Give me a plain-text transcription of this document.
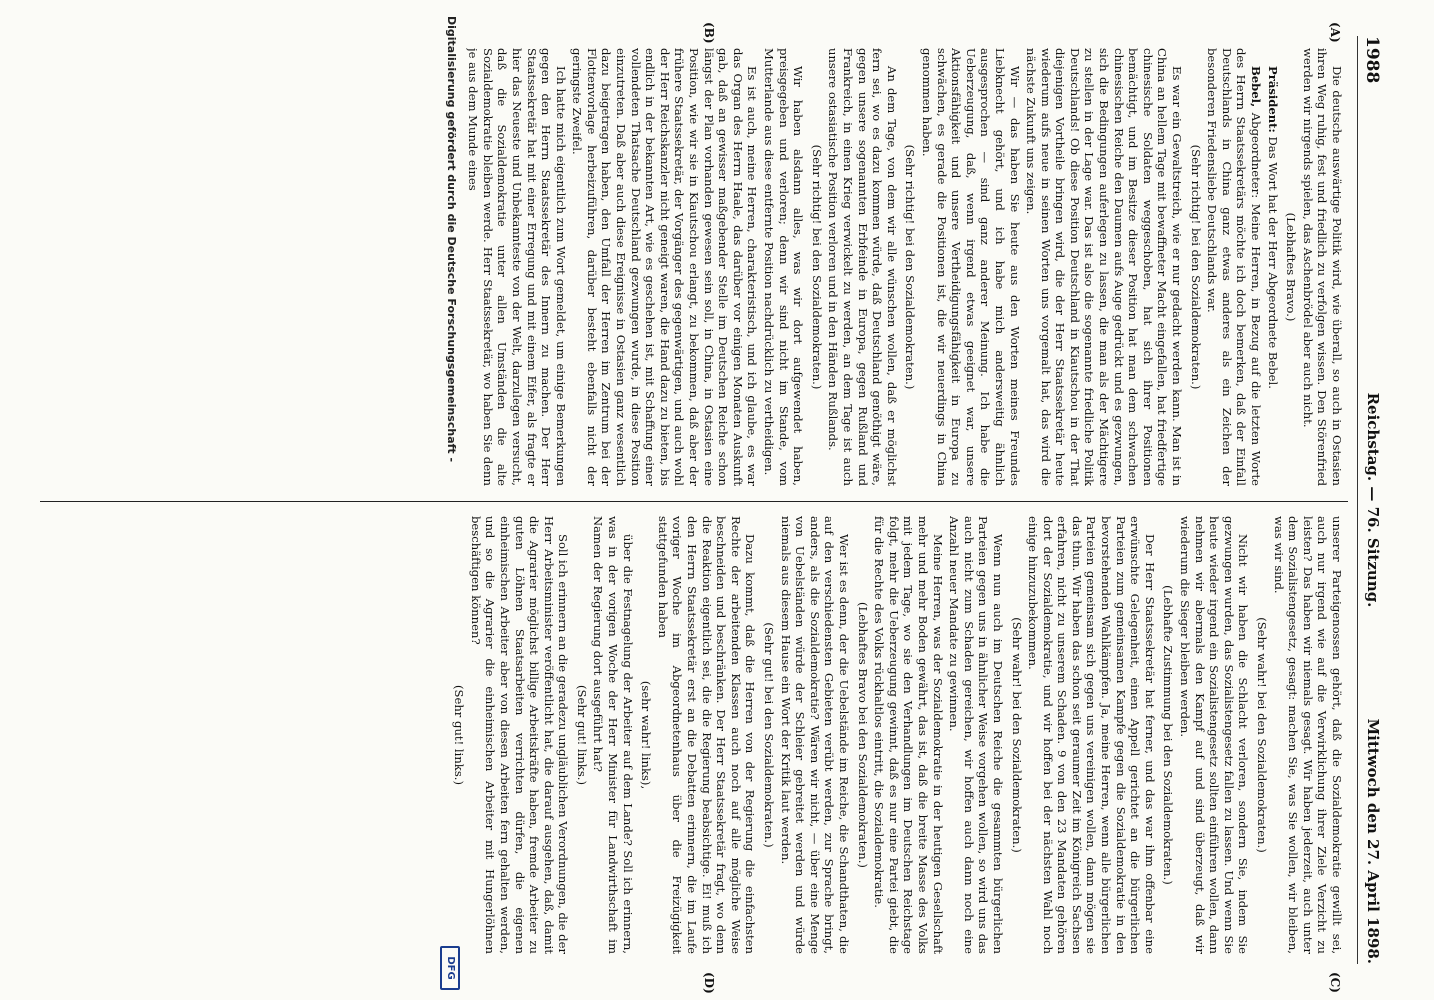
1988
Reichstag. — 76. Sitzung.
Mittwoch den 27. April 1898.
(A)
(B)
(C)
(D)

Die deutsche auswärtige Politik wird, wie überall, so auch in Ostasien ihren Weg ruhig, fest und friedlich zu verfolgen wissen. Den Störenfried werden wir nirgends spielen, das Aschenbrödel aber auch nicht.

(Lebhaftes Bravo.)

Präsident: Das Wort hat der Herr Abgeordnete Bebel.

Bebel, Abgeordneter: Meine Herren, in Bezug auf die letzten Worte des Herrn Staatssekretärs möchte ich doch bemerken, daß der Einfall Deutschlands in China ganz etwas anderes als ein Zeichen der besonderen Friedensliebe Deutschlands war.

(Sehr richtig! bei den Sozialdemokraten.)

Es war ein Gewaltstreich, wie er nur gedacht werden kann. Man ist in China an hellem Tage mit bewaffneter Macht eingefallen, hat friedfertige chinesische Soldaten weggeschoben, hat sich ihrer Positionen bemächtigt, und im Besitze dieser Position hat man dem schwachen chinesischen Reiche den Daumen aufs Auge gedrückt und es gezwungen, sich die Bedingungen auferlegen zu lassen, die man als der Mächtigere zu stellen in der Lage war. Das ist also die sogenannte friedliche Politik Deutschlands! Ob diese Position Deutschland in Kiautschou in der That diejenigen Vortheile bringen wird, die der Herr Staatssekretär heute wiederum aufs neue in seinen Worten uns vorgemalt hat, das wird die nächste Zukunft uns zeigen.

Wir — das haben Sie heute aus den Worten meines Freundes Liebknecht gehört, und ich habe mich andersweitig ähnlich ausgesprochen — sind ganz anderer Meinung. Ich habe die Ueberzeugung, daß, wenn irgend etwas geeignet war, unsere Aktionsfähigkeit und unsere Vertheidigungsfähigkeit in Europa zu schwächen, es gerade die Positionen ist, die wir neuerdings in China genommen haben.

(Sehr richtig! bei den Sozialdemokraten.)

An dem Tage, von dem wir alle wünschen wollen, daß er möglichst fern sei, wo es dazu kommen würde, daß Deutschland genöthigt wäre, gegen unsere sogenannten Erbfeinde in Europa, gegen Rußland und Frankreich, in einen Krieg verwickelt zu werden, an dem Tage ist auch unsere ostasiatische Position verloren und in den Händen Rußlands.

(Sehr richtig! bei den Sozialdemokraten.)

Wir haben alsdann alles, was wir dort aufgewendet haben, preisgegeben und verloren; denn wir sind nicht im Stande, vom Mutterlande aus diese entfernte Position nachdrücklich zu vertheidigen.

Es ist auch, meine Herren, charakteristisch, und ich glaube, es war das Organ des Herrn Haale, das darüber vor einigen Monaten Auskunft gab, daß an gewisser maßgebender Stelle im Deutschen Reiche schon längst der Plan vorhanden gewesen sein soll, in China, in Ostasien eine Position, wie wir sie in Kiautschou erlangt, zu bekommen, daß aber der frühere Staatssekretär, der Vorgänger des gegenwärtigen, und auch wohl der Herr Reichskanzler nicht geneigt waren, die Hand dazu zu bieten, bis endlich in der bekannten Art, wie es geschehen ist, mit Schaffung einer vollendeten Thatsache Deutschland gezwungen wurde, in diese Position einzutreten. Daß aber auch diese Ereignisse in Ostasien ganz wesentlich dazu beigetragen haben, den Umfall der Herren im Zentrum bei der Flottenvorlage herbeizuführen, darüber besteht ebenfalls nicht der geringste Zweifel.

Ich hatte mich eigentlich zum Wort gemeldet, um einige Bemerkungen gegen den Herrn Staatssekretär des Innern zu machen. Der Herr Staatssekretär hat mit einer Erregung und mit einem Eifer, als fragte er hier das Neueste und Unbekannteste von der Welt, darzulegen versucht, daß die Sozialdemokratie unter allen Umständen die alte Sozialdemokratie bleiben werde. Herr Staatssekretär, wo haben Sie denn je aus dem Munde eines

unserer Parteigenossen gehört, daß die Sozialdemokratie gewillt sei, auch nur irgend wie auf die Verwirklichung ihrer Ziele Verzicht zu leisten? Das haben wir niemals gesagt. Wir haben jederzeit, auch unter dem Sozialistengesetz, gesagt: machen Sie, was Sie wollen, wir bleiben, was wir sind.

(Sehr wahr! bei den Sozialdemokraten.)

Nicht wir haben die Schlacht verloren, sondern Sie, indem Sie gezwungen wurden, das Sozialistengesetz fallen zu lassen. Und wenn Sie heute wieder irgend ein Sozialistengesetz sollten einführen wollen, dann nehmen wir abermals den Kampf auf und sind überzeugt, daß wir wiederum die Sieger bleiben werden.

(Lebhafte Zustimmung bei den Sozialdemokraten.)

Der Herr Staatssekretär hat ferner, und das war ihm offenbar eine erwünschte Gelegenheit, einen Appell gerichtet an die bürgerlichen Parteien zum gemeinsamen Kampfe gegen die Sozialdemokratie in den bevorstehenden Wahlkämpfen. Ja, meine Herren, wenn alle bürgerlichen Parteien gemeinsam sich gegen uns vereinigen wollen, dann mögen sie das thun. Wir haben das schon seit geraumer Zeit im Königreich Sachsen erfahren, nicht zu unserem Schaden. 9 von den 23 Mandaten gehören dort der Sozialdemokratie, und wir hoffen bei der nächsten Wahl noch einige hinzuzubekommen.

(Sehr wahr! bei den Sozialdemokraten.)

Wenn nun auch im Deutschen Reiche die gesammten bürgerlichen Parteien gegen uns in ähnlicher Weise vorgehen wollen, so wird uns das auch nicht zum Schaden gereichen, wir hoffen auch dann noch eine Anzahl neuer Mandate zu gewinnen.

Meine Herren, was der Sozialdemokratie in der heutigen Gesellschaft mehr und mehr Boden gewährt, das ist, daß die breite Masse des Volks mit jedem Tage, wo sie den Verhandlungen im Deutschen Reichstage folgt, mehr die Ueberzeugung gewinnt, daß es nur eine Partei giebt, die für die Rechte des Volks rückhaltlos eintritt, die Sozialdemokratie.

(Lebhaftes Bravo bei den Sozialdemokraten.)

Wer ist es denn, der die Uebelstände im Reiche, die Schandthaten, die auf den verschiedensten Gebieten verübt werden, zur Sprache bringt, anders, als die Sozialdemokratie? Wären wir nicht, — über eine Menge von Uebelständen würde der Schleier gebreitet werden und würde niemals aus diesem Hause ein Wort der Kritik laut werden.

(Sehr gut! bei den Sozialdemokraten.)

Dazu kommt, daß die Herren von der Regierung die einfachsten Rechte der arbeitenden Klassen auch noch auf alle mögliche Weise beschneiden und beschränken. Der Herr Staatssekretär fragt, wo denn die Reaktion eigentlich sei, die die Regierung beabsichtige. Ei! muß ich den Herrn Staatssekretär erst an die Debatten erinnern, die im Laufe voriger Woche im Abgeordnetenhaus über die Freizügigkeit stattgefunden haben

(sehr wahr! links),

über die Festnagelung der Arbeiter auf dem Lande? Soll ich erinnern, was in der vorigen Woche der Herr Minister für Landwirthschaft im Namen der Regierung dort ausgeführt hat?

(Sehr gut! links.)

Soll ich erinnern an die geradezu ungläublichen Verordnungen, die der Herr Arbeitsminister veröffentlicht hat, die darauf ausgehen, daß, damit die Agrarier möglichst billige Arbeitskräfte haben, fremde Arbeiter zu guten Löhnen Staatsarbeiten verrichten dürfen, die eigenen einheimischen Arbeiter aber von diesen Arbeiten fern gehalten werden, und so die Agrarier die einheimischen Arbeiter mit Hungerlöhnen beschäftigen können?

(Sehr gut! links.)

Digitalisierung gefördert durch die Deutsche Forschungsgemeinschaft -
DFG
